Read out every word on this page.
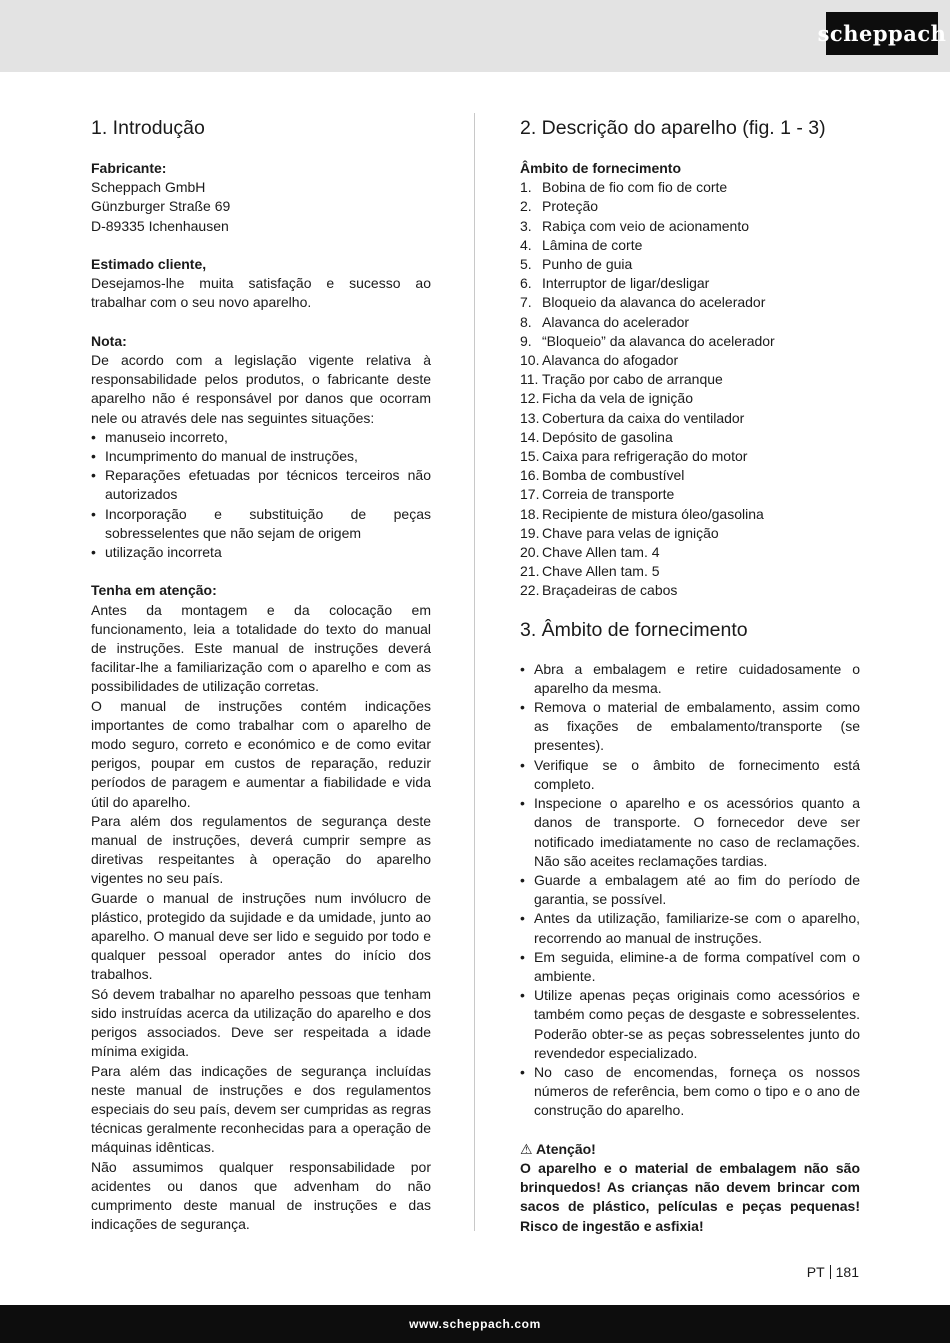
scheppach
1. Introdução
Fabricante:
Scheppach GmbH
Günzburger Straße 69
D-89335 Ichenhausen
Estimado cliente,

Desejamos-lhe muita satisfação e sucesso ao trabalhar com o seu novo aparelho.

Nota:

De acordo com a legislação vigente relativa à responsabilidade pelos produtos, o fabricante deste aparelho não é responsável por danos que ocorram nele ou através dele nas seguintes situações:

• manuseio incorreto,
• Incumprimento do manual de instruções,
• Reparações efetuadas por técnicos terceiros não autorizados
• Incorporação e substituição de peças sobresselentes que não sejam de origem
• utilização incorreta
Tenha em atenção:

Antes da montagem e da colocação em funcionamento, leia a totalidade do texto do manual de instruções. Este manual de instruções deverá facilitar-lhe a familiarização com o aparelho e com as possibilidades de utilização corretas.

O manual de instruções contém indicações importantes de como trabalhar com o aparelho de modo seguro, correto e económico e de como evitar perigos, poupar em custos de reparação, reduzir períodos de paragem e aumentar a fiabilidade e vida útil do aparelho.

Para além dos regulamentos de segurança deste manual de instruções, deverá cumprir sempre as diretivas respeitantes à operação do aparelho vigentes no seu país.

Guarde o manual de instruções num invólucro de plástico, protegido da sujidade e da umidade, junto ao aparelho. O manual deve ser lido e seguido por todo e qualquer pessoal operador antes do início dos trabalhos.

Só devem trabalhar no aparelho pessoas que tenham sido instruídas acerca da utilização do aparelho e dos perigos associados. Deve ser respeitada a idade mínima exigida.

Para além das indicações de segurança incluídas neste manual de instruções e dos regulamentos especiais do seu país, devem ser cumpridas as regras técnicas geralmente reconhecidas para a operação de máquinas idênticas.

Não assumimos qualquer responsabilidade por acidentes ou danos que advenham do não cumprimento deste manual de instruções e das indicações de segurança.

2. Descrição do aparelho (fig. 1 - 3)
Âmbito de fornecimento
1. Bobina de fio com fio de corte
2. Proteção
3. Rabiça com veio de acionamento
4. Lâmina de corte
5. Punho de guia
6. Interruptor de ligar/desligar
7. Bloqueio da alavanca do acelerador
8. Alavanca do acelerador
9. “Bloqueio” da alavanca do acelerador
10. Alavanca do afogador
11. Tração por cabo de arranque
12. Ficha da vela de ignição
13. Cobertura da caixa do ventilador
14. Depósito de gasolina
15. Caixa para refrigeração do motor
16. Bomba de combustível
17. Correia de transporte
18. Recipiente de mistura óleo/gasolina
19. Chave para velas de ignição
20. Chave Allen tam. 4
21. Chave Allen tam. 5
22. Braçadeiras de cabos
3. Âmbito de fornecimento
• Abra a embalagem e retire cuidadosamente o aparelho da mesma.
• Remova o material de embalamento, assim como as fixações de embalamento/transporte (se presentes).
• Verifique se o âmbito de fornecimento está completo.
• Inspecione o aparelho e os acessórios quanto a danos de transporte. O fornecedor deve ser notificado imediatamente no caso de reclamações. Não são aceites reclamações tardias.
• Guarde a embalagem até ao fim do período de garantia, se possível.
• Antes da utilização, familiarize-se com o aparelho, recorrendo ao manual de instruções.
• Em seguida, elimine-a de forma compatível com o ambiente.
• Utilize apenas peças originais como acessórios e também como peças de desgaste e sobresselentes. Poderão obter-se as peças sobresselentes junto do revendedor especializado.
• No caso de encomendas, forneça os nossos números de referência, bem como o tipo e o ano de construção do aparelho.
⚠ Atenção!

O aparelho e o material de embalagem não são brinquedos! As crianças não devem brincar com sacos de plástico, películas e peças pequenas! Risco de ingestão e asfixia!

PT 181
www.scheppach.com
